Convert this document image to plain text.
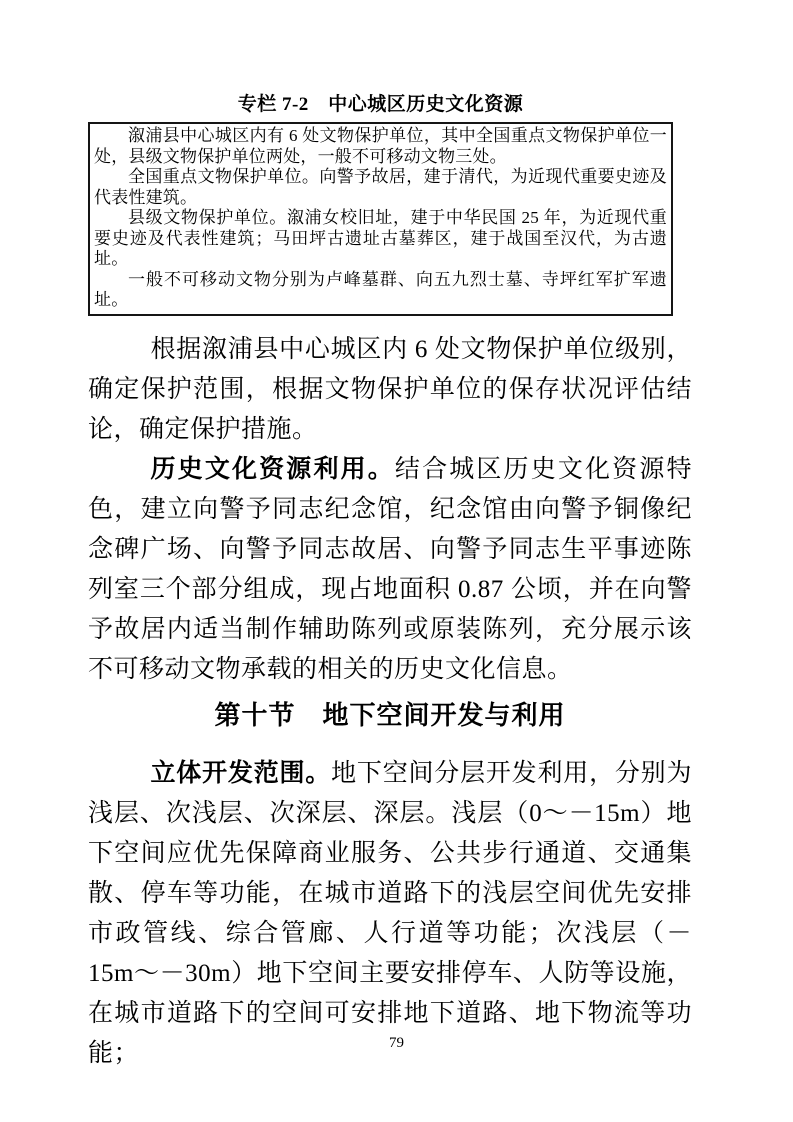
专栏 7-2　中心城区历史文化资源

溆浦县中心城区内有 6 处文物保护单位，其中全国重点文物保护单位一处，县级文物保护单位两处，一般不可移动文物三处。

全国重点文物保护单位。向警予故居，建于清代，为近现代重要史迹及代表性建筑。

县级文物保护单位。溆浦女校旧址，建于中华民国 25 年，为近现代重要史迹及代表性建筑；马田坪古遗址古墓葬区，建于战国至汉代，为古遗址。

一般不可移动文物分别为卢峰墓群、向五九烈士墓、寺坪红军扩军遗址。

根据溆浦县中心城区内 6 处文物保护单位级别，确定保护范围，根据文物保护单位的保存状况评估结论，确定保护措施。

历史文化资源利用。结合城区历史文化资源特色，建立向警予同志纪念馆，纪念馆由向警予铜像纪念碑广场、向警予同志故居、向警予同志生平事迹陈列室三个部分组成，现占地面积 0.87 公顷，并在向警予故居内适当制作辅助陈列或原装陈列，充分展示该不可移动文物承载的相关的历史文化信息。

第十节　地下空间开发与利用

立体开发范围。地下空间分层开发利用，分别为浅层、次浅层、次深层、深层。浅层（0～－15m）地下空间应优先保障商业服务、公共步行通道、交通集散、停车等功能，在城市道路下的浅层空间优先安排市政管线、综合管廊、人行道等功能；次浅层（－15m～－30m）地下空间主要安排停车、人防等设施，在城市道路下的空间可安排地下道路、地下物流等功能；	79
